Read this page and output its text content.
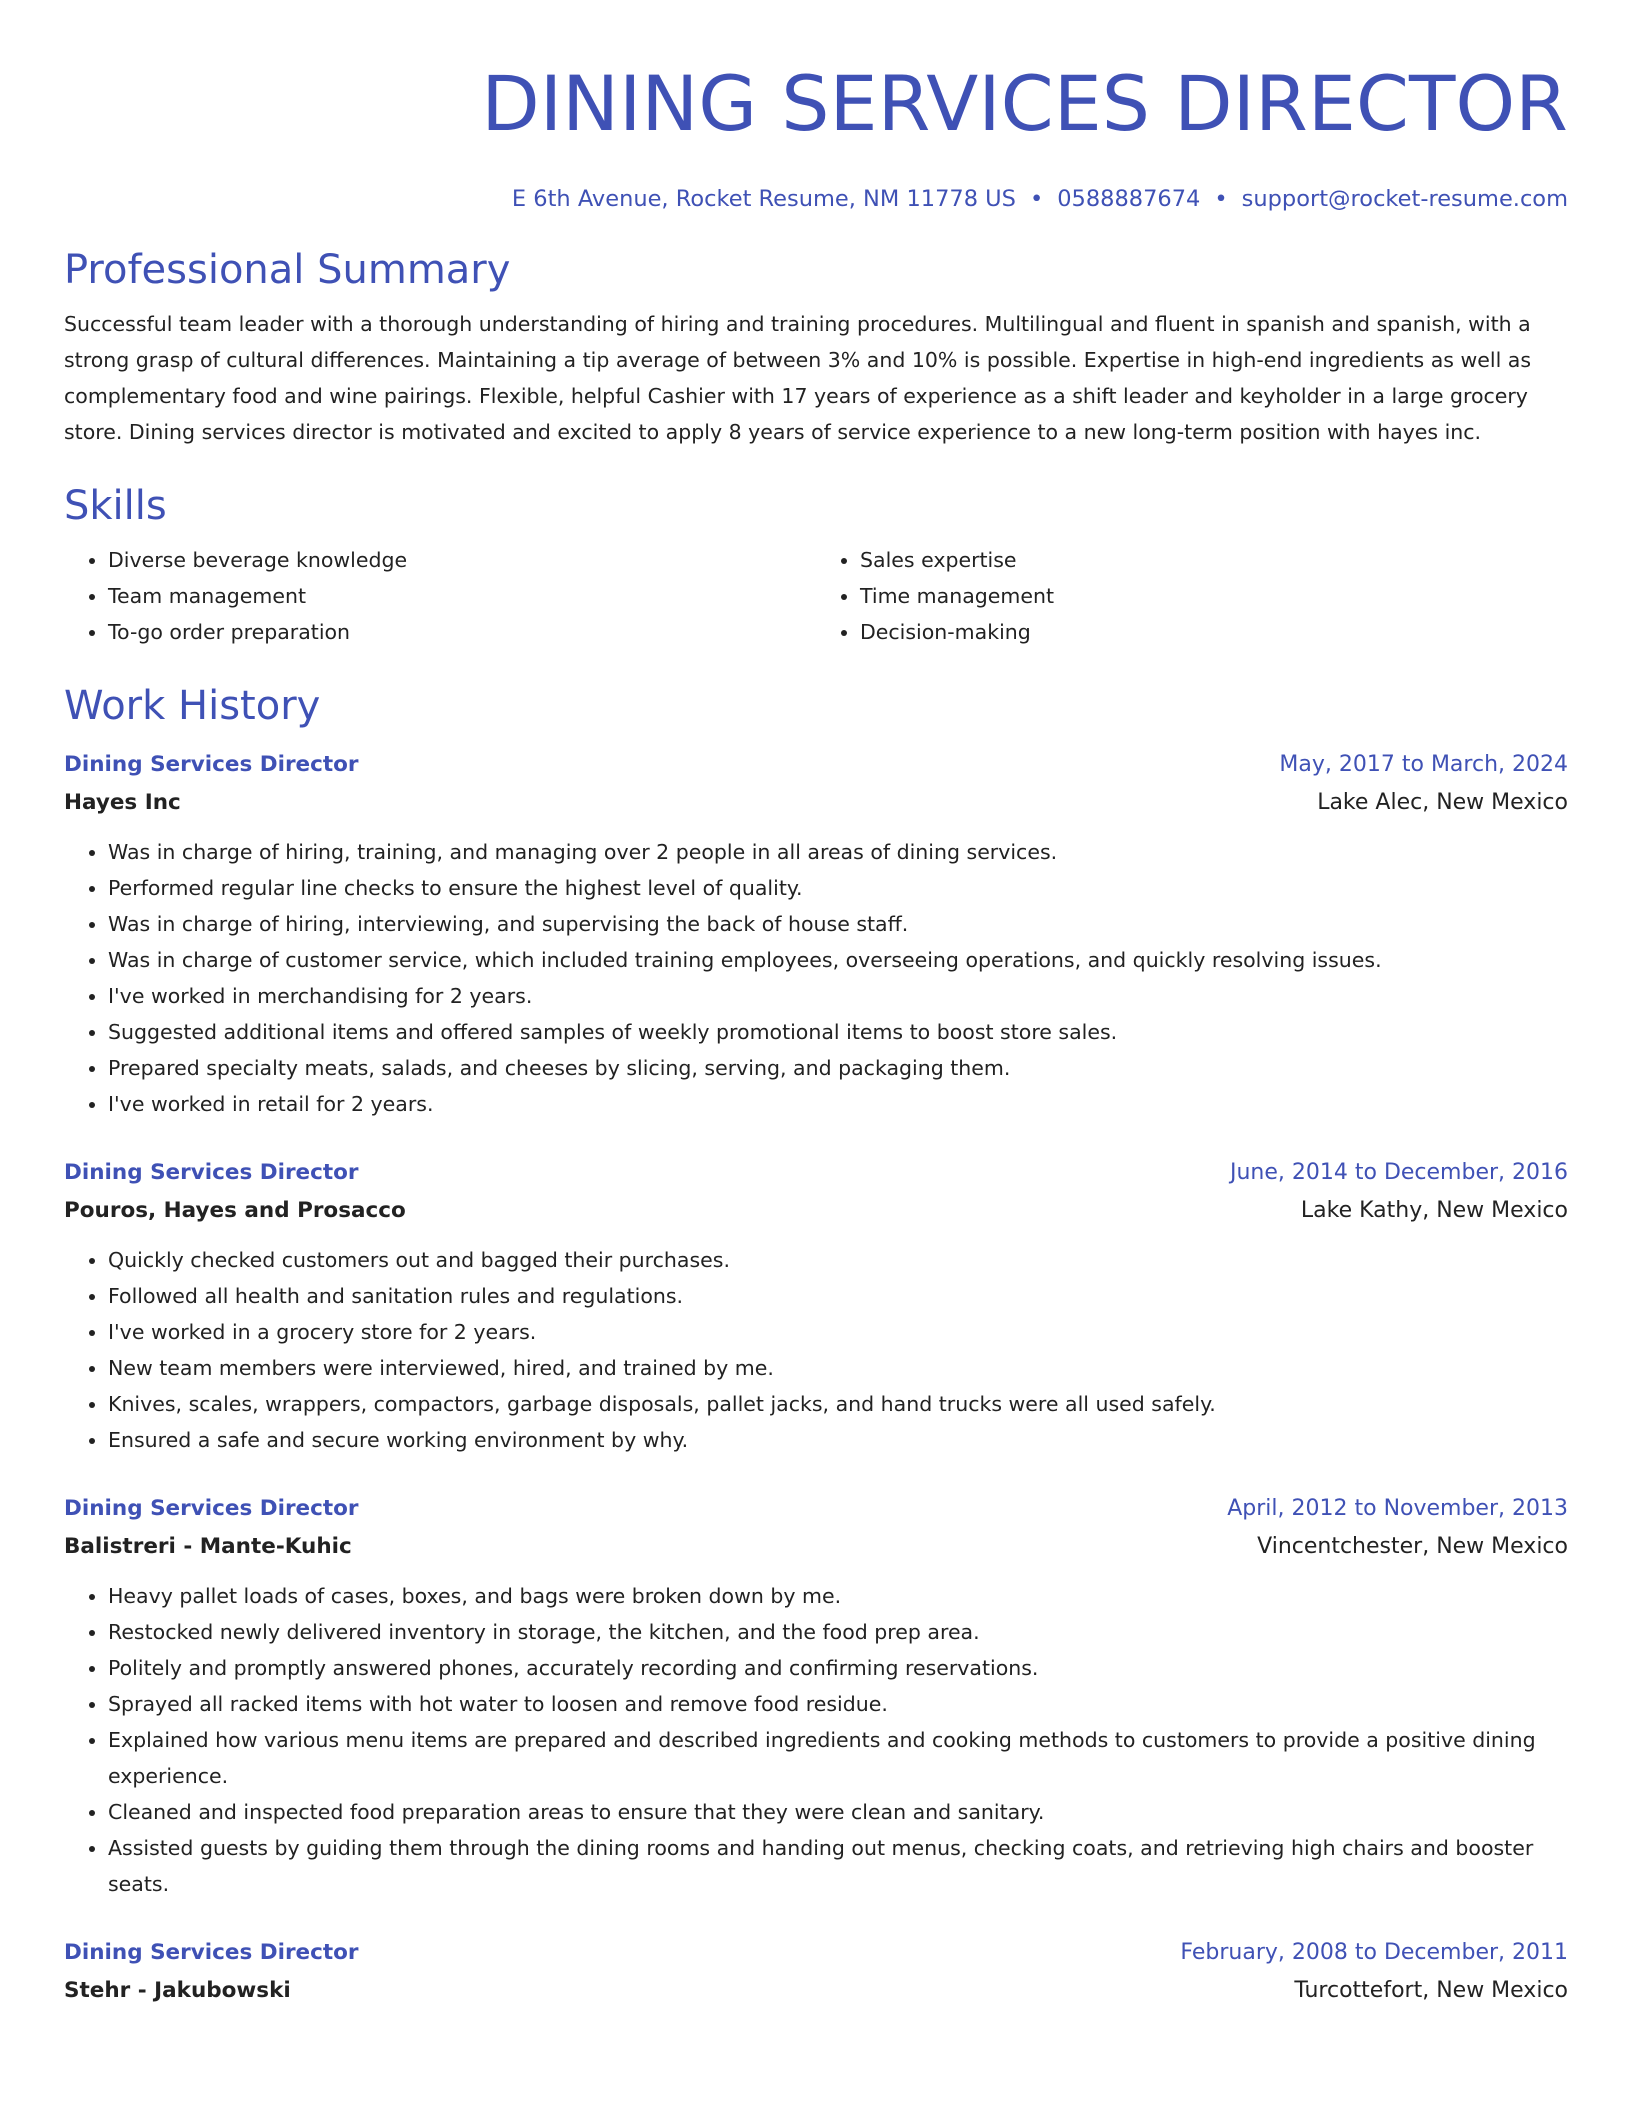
DINING SERVICES DIRECTOR
E 6th Avenue, Rocket Resume, NM 11778 US • 0588887674 • support@rocket-resume.com
Professional Summary

Successful team leader with a thorough understanding of hiring and training procedures. Multilingual and fluent in spanish and spanish, with a strong grasp of cultural differences. Maintaining a tip average of between 3% and 10% is possible. Expertise in high-end ingredients as well as complementary food and wine pairings. Flexible, helpful Cashier with 17 years of experience as a shift leader and keyholder in a large grocery store. Dining services director is motivated and excited to apply 8 years of service experience to a new long-term position with hayes inc.

Skills
• Diverse beverage knowledge
• Team management
• To-go order preparation
• Sales expertise
• Time management
• Decision-making
Work History
Dining Services Director	May, 2017 to March, 2024
Hayes Inc	Lake Alec, New Mexico
• Was in charge of hiring, training, and managing over 2 people in all areas of dining services.
• Performed regular line checks to ensure the highest level of quality.
• Was in charge of hiring, interviewing, and supervising the back of house staff.
• Was in charge of customer service, which included training employees, overseeing operations, and quickly resolving issues.
• I've worked in merchandising for 2 years.
• Suggested additional items and offered samples of weekly promotional items to boost store sales.
• Prepared specialty meats, salads, and cheeses by slicing, serving, and packaging them.
• I've worked in retail for 2 years.
Dining Services Director	June, 2014 to December, 2016
Pouros, Hayes and Prosacco	Lake Kathy, New Mexico
• Quickly checked customers out and bagged their purchases.
• Followed all health and sanitation rules and regulations.
• I've worked in a grocery store for 2 years.
• New team members were interviewed, hired, and trained by me.
• Knives, scales, wrappers, compactors, garbage disposals, pallet jacks, and hand trucks were all used safely.
• Ensured a safe and secure working environment by why.
Dining Services Director	April, 2012 to November, 2013
Balistreri - Mante-Kuhic	Vincentchester, New Mexico
• Heavy pallet loads of cases, boxes, and bags were broken down by me.
• Restocked newly delivered inventory in storage, the kitchen, and the food prep area.
• Politely and promptly answered phones, accurately recording and confirming reservations.
• Sprayed all racked items with hot water to loosen and remove food residue.
• Explained how various menu items are prepared and described ingredients and cooking methods to customers to provide a positive dining experience.
• Cleaned and inspected food preparation areas to ensure that they were clean and sanitary.
• Assisted guests by guiding them through the dining rooms and handing out menus, checking coats, and retrieving high chairs and booster seats.
Dining Services Director	February, 2008 to December, 2011
Stehr - Jakubowski	Turcottefort, New Mexico
